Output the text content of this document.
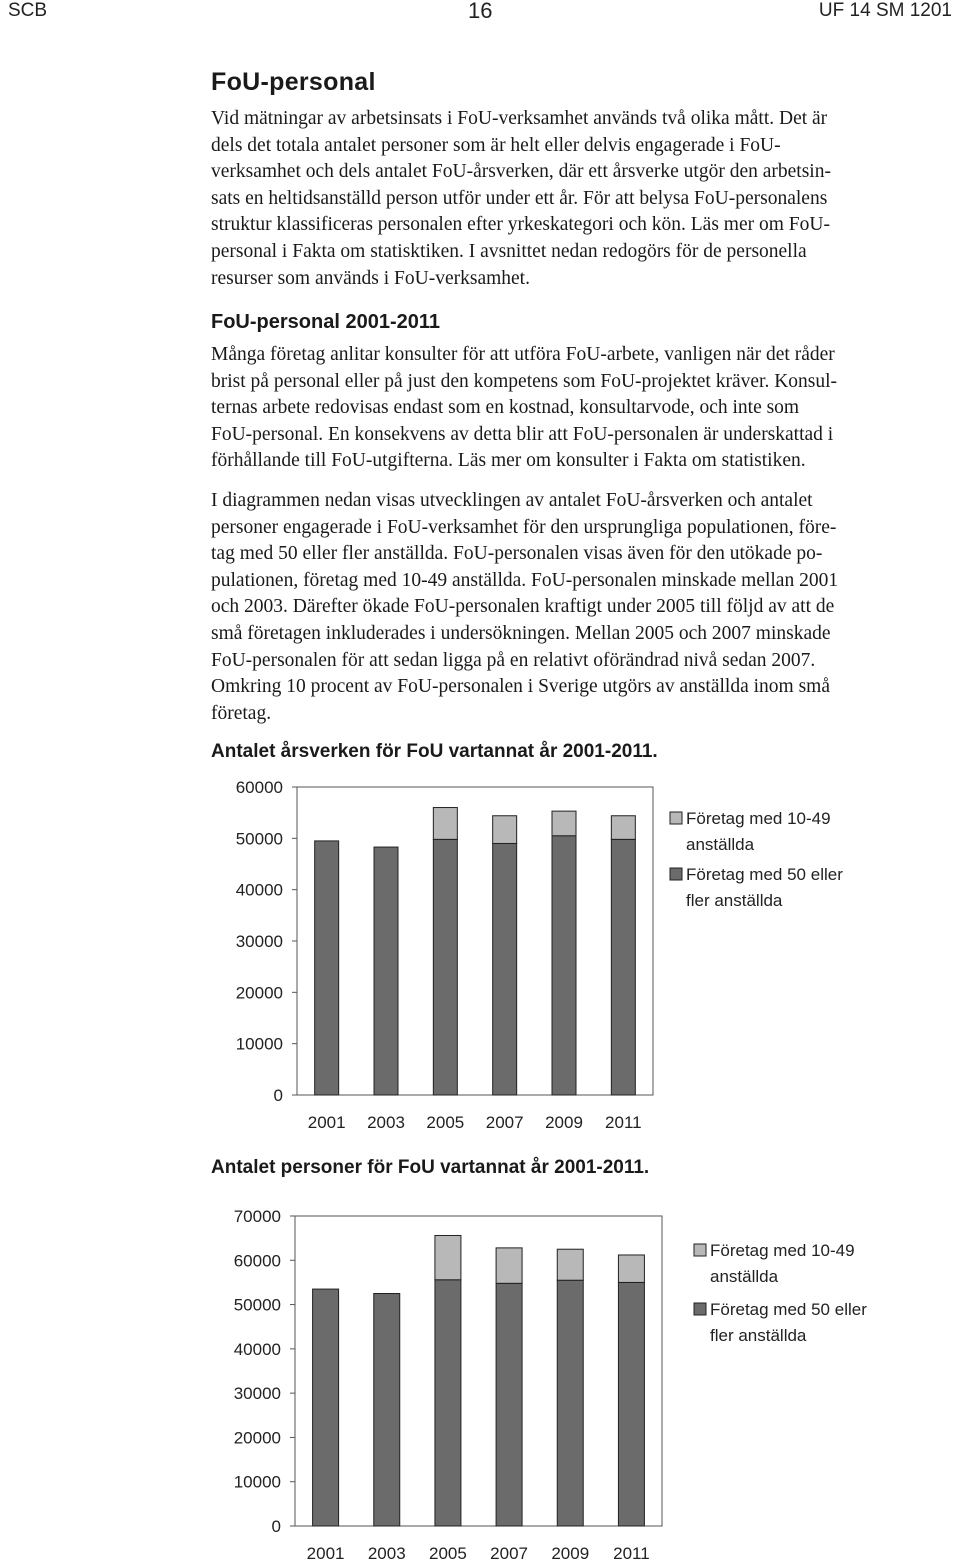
SCB	16	UF 14 SM 1201
FoU-personal
Vid mätningar av arbetsinsats i FoU-verksamhet används två olika mått. Det är
dels det totala antalet personer som är helt eller delvis engagerade i FoU-
verksamhet och dels antalet FoU-årsverken, där ett årsverke utgör den arbetsin-
sats en heltidsanställd person utför under ett år. För att belysa FoU-personalens
struktur klassificeras personalen efter yrkeskategori och kön. Läs mer om FoU-
personal i Fakta om statisktiken. I avsnittet nedan redogörs för de personella
resurser som används i FoU-verksamhet.
FoU-personal 2001-2011
Många företag anlitar konsulter för att utföra FoU-arbete, vanligen när det råder
brist på personal eller på just den kompetens som FoU-projektet kräver. Konsul-
ternas arbete redovisas endast som en kostnad, konsultarvode, och inte som
FoU-personal. En konsekvens av detta blir att FoU-personalen är underskattad i
förhållande till FoU-utgifterna. Läs mer om konsulter i Fakta om statistiken.
I diagrammen nedan visas utvecklingen av antalet FoU-årsverken och antalet
personer engagerade i FoU-verksamhet för den ursprungliga populationen, före-
tag med 50 eller fler anställda. FoU-personalen visas även för den utökade po-
pulationen, företag med 10-49 anställda. FoU-personalen minskade mellan 2001
och 2003. Därefter ökade FoU-personalen kraftigt under 2005 till följd av att de
små företagen inkluderades i undersökningen. Mellan 2005 och 2007 minskade
FoU-personalen för att sedan ligga på en relativt oförändrad nivå sedan 2007.
Omkring 10 procent av FoU-personalen i Sverige utgörs av anställda inom små
företag.
Antalet årsverken för FoU vartannat år 2001-2011.
0
10000
20000
30000
40000
50000
60000
2001 2003 2005 2007 2009 2011
Företag med 10-49
anställda
Företag med 50 eller
fler anställda
Antalet personer för FoU vartannat år 2001-2011.
0
10000
20000
30000
40000
50000
60000
70000
2001 2003 2005 2007 2009 2011
Företag med 10-49
anställda
Företag med 50 eller
fler anställda
